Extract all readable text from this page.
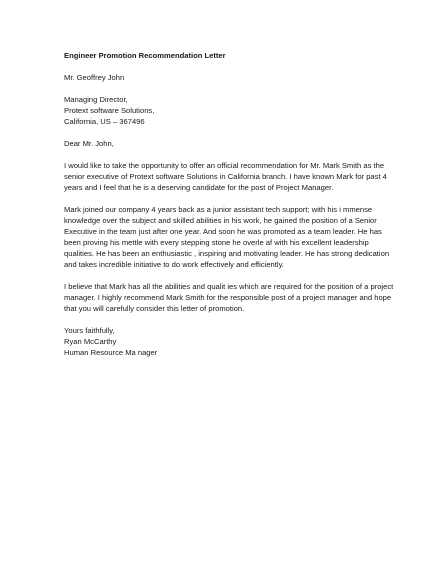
Engineer Promotion Recommendation Letter
Mr. Geoffrey John
Managing Director,
Protext software Solutions,
California, US – 367496
Dear Mr. John,
I would like to take the opportunity to offer an official recommendation for Mr. Mark Smith as the
senior executive of Protext software Solutions in California branch. I have known Mark for past 4
years and I feel that he is a deserving candidate for the post of Project Manager.
Mark joined our company 4 years back as a junior assistant tech support; with his i mmense
knowledge over the subject and skilled abilities in his work, he gained the position of a Senior
Executive in the team just after one year. And soon he was promoted as a team leader. He has
been proving his mettle with every stepping stone he overle af with his excellent leadership
qualities. He has been an enthusiastic , inspiring and motivating leader. He has strong dedication
and takes incredible initiative to do work effectively and efficiently.
I believe that Mark has all the abilities and qualit ies which are required for the position of a project
manager. I highly recommend Mark Smith for the responsible post of a project manager and hope
that you will carefully consider this letter of promotion.
Yours faithfully,
Ryan McCarthy
Human Resource Ma nager
